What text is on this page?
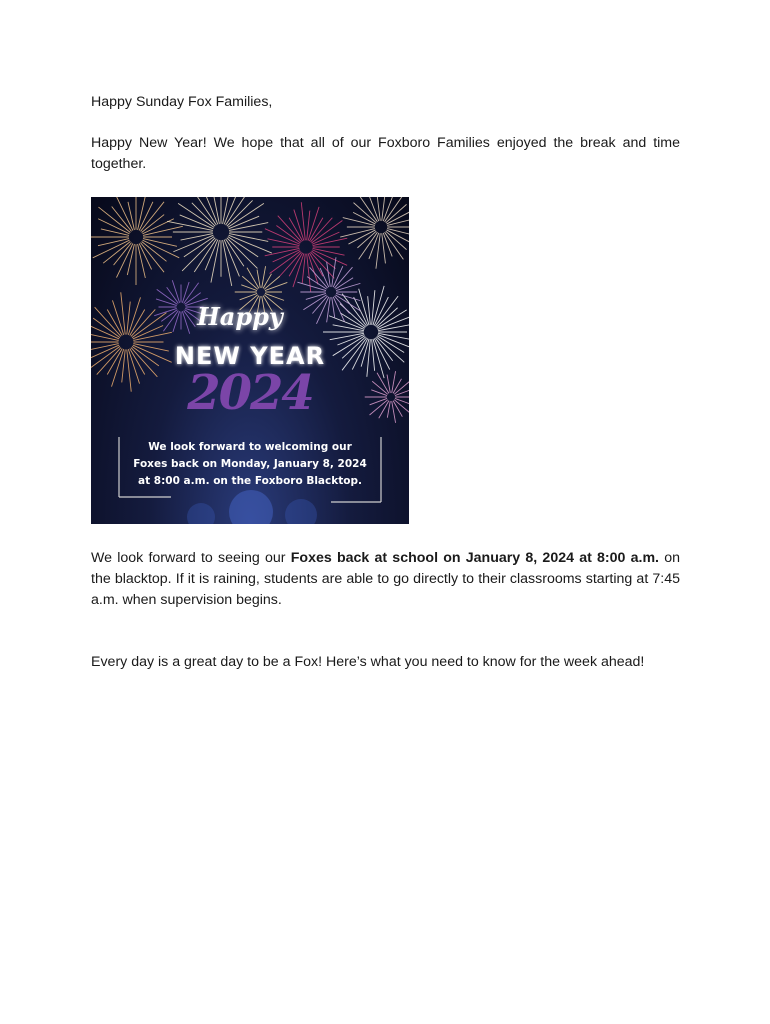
Happy Sunday Fox Families,

Happy New Year! We hope that all of our Foxboro Families enjoyed the break and time together.

Happy
NEW YEAR
2024
We look forward to welcoming our
Foxes back on Monday, January 8, 2024
at 8:00 a.m. on the Foxboro Blacktop.

We look forward to seeing our Foxes back at school on January 8, 2024 at 8:00 a.m. on the blacktop. If it is raining, students are able to go directly to their classrooms starting at 7:45 a.m. when supervision begins.

Every day is a great day to be a Fox! Here’s what you need to know for the week ahead!
